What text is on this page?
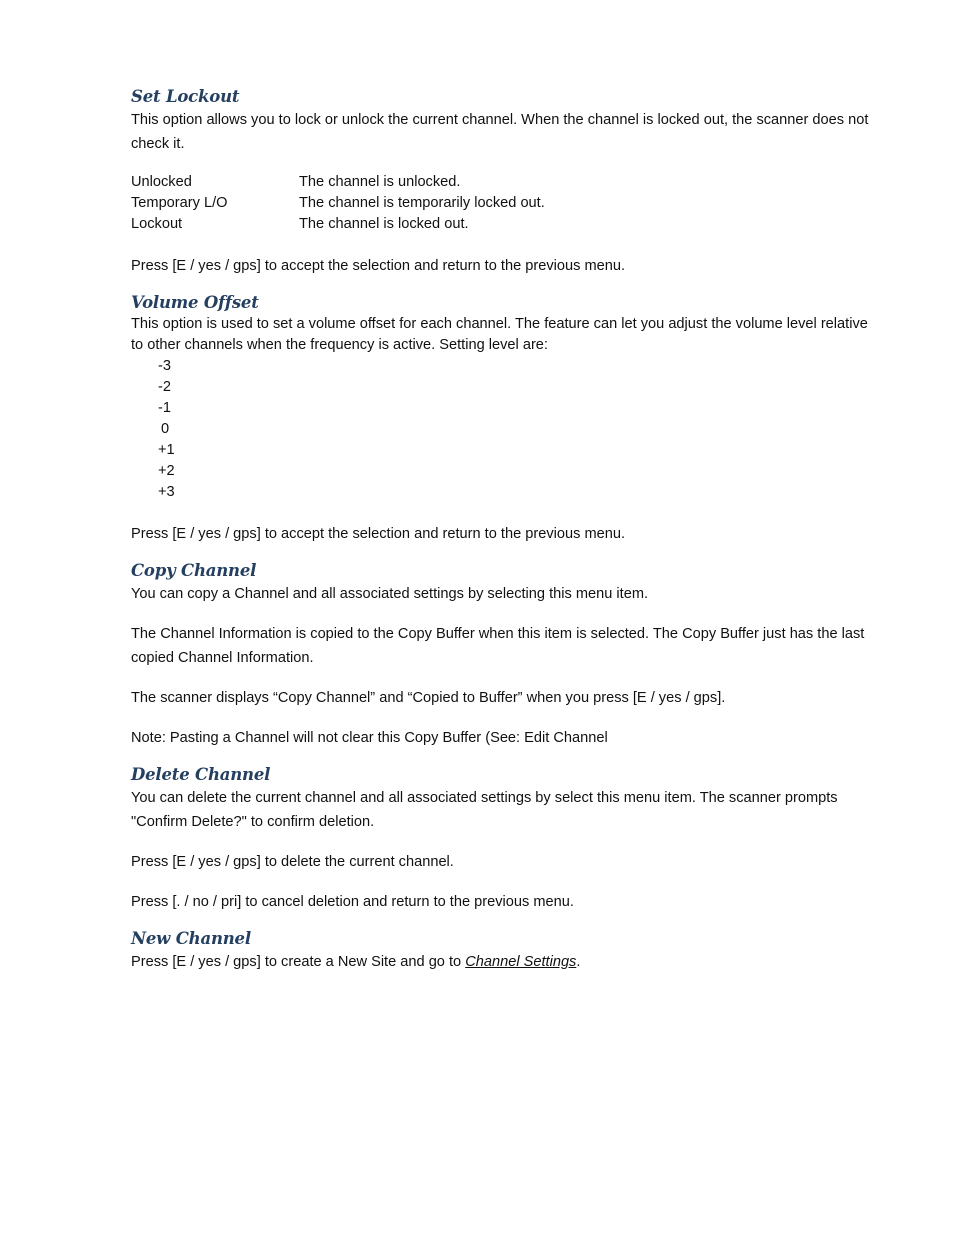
Set Lockout

This option allows you to lock or unlock the current channel. When the channel is locked out, the scanner does not check it.

Unlocked	The channel is unlocked.
Temporary L/O	The channel is temporarily locked out.
Lockout	The channel is locked out.

Press [E / yes / gps] to accept the selection and return to the previous menu.

Volume Offset

This option is used to set a volume offset for each channel. The feature can let you adjust the volume level relative to other channels when the frequency is active. Setting level are:

-3
-2
-1
0
+1
+2
+3

Press [E / yes / gps] to accept the selection and return to the previous menu.

Copy Channel

You can copy a Channel and all associated settings by selecting this menu item.

The Channel Information is copied to the Copy Buffer when this item is selected. The Copy Buffer just has the last copied Channel Information.

The scanner displays “Copy Channel” and “Copied to Buffer” when you press [E / yes / gps].

Note: Pasting a Channel will not clear this Copy Buffer (See: Edit Channel

Delete Channel

You can delete the current channel and all associated settings by select this menu item. The scanner prompts "Confirm Delete?" to confirm deletion.

Press [E / yes / gps] to delete the current channel.

Press [. / no / pri] to cancel deletion and return to the previous menu.

New Channel

Press [E / yes / gps] to create a New Site and go to Channel Settings.
